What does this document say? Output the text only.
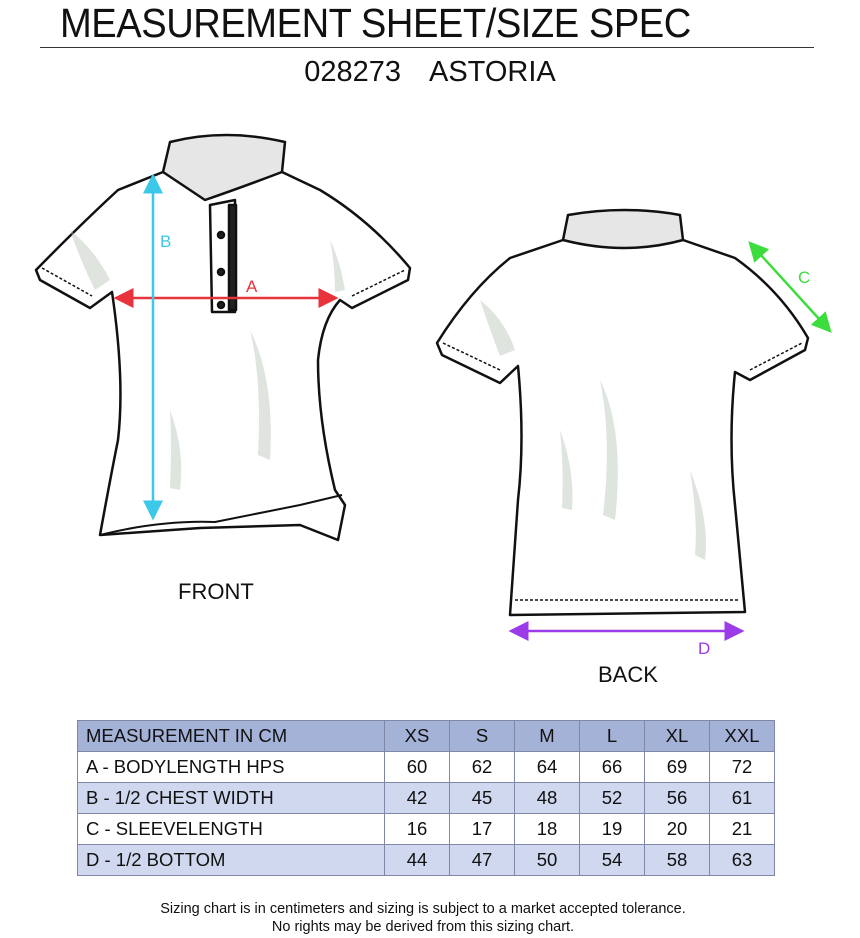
MEASUREMENT SHEET/SIZE SPEC
028273 ASTORIA
A
B
C
D
FRONT
BACK
MEASUREMENT IN CM	XS	S	M	L	XL	XXL
A - BODYLENGTH HPS	60	62	64	66	69	72
B - 1/2 CHEST WIDTH	42	45	48	52	56	61
C - SLEEVELENGTH	16	17	18	19	20	21
D - 1/2 BOTTOM	44	47	50	54	58	63
Sizing chart is in centimeters and sizing is subject to a market accepted tolerance.
No rights may be derived from this sizing chart.
